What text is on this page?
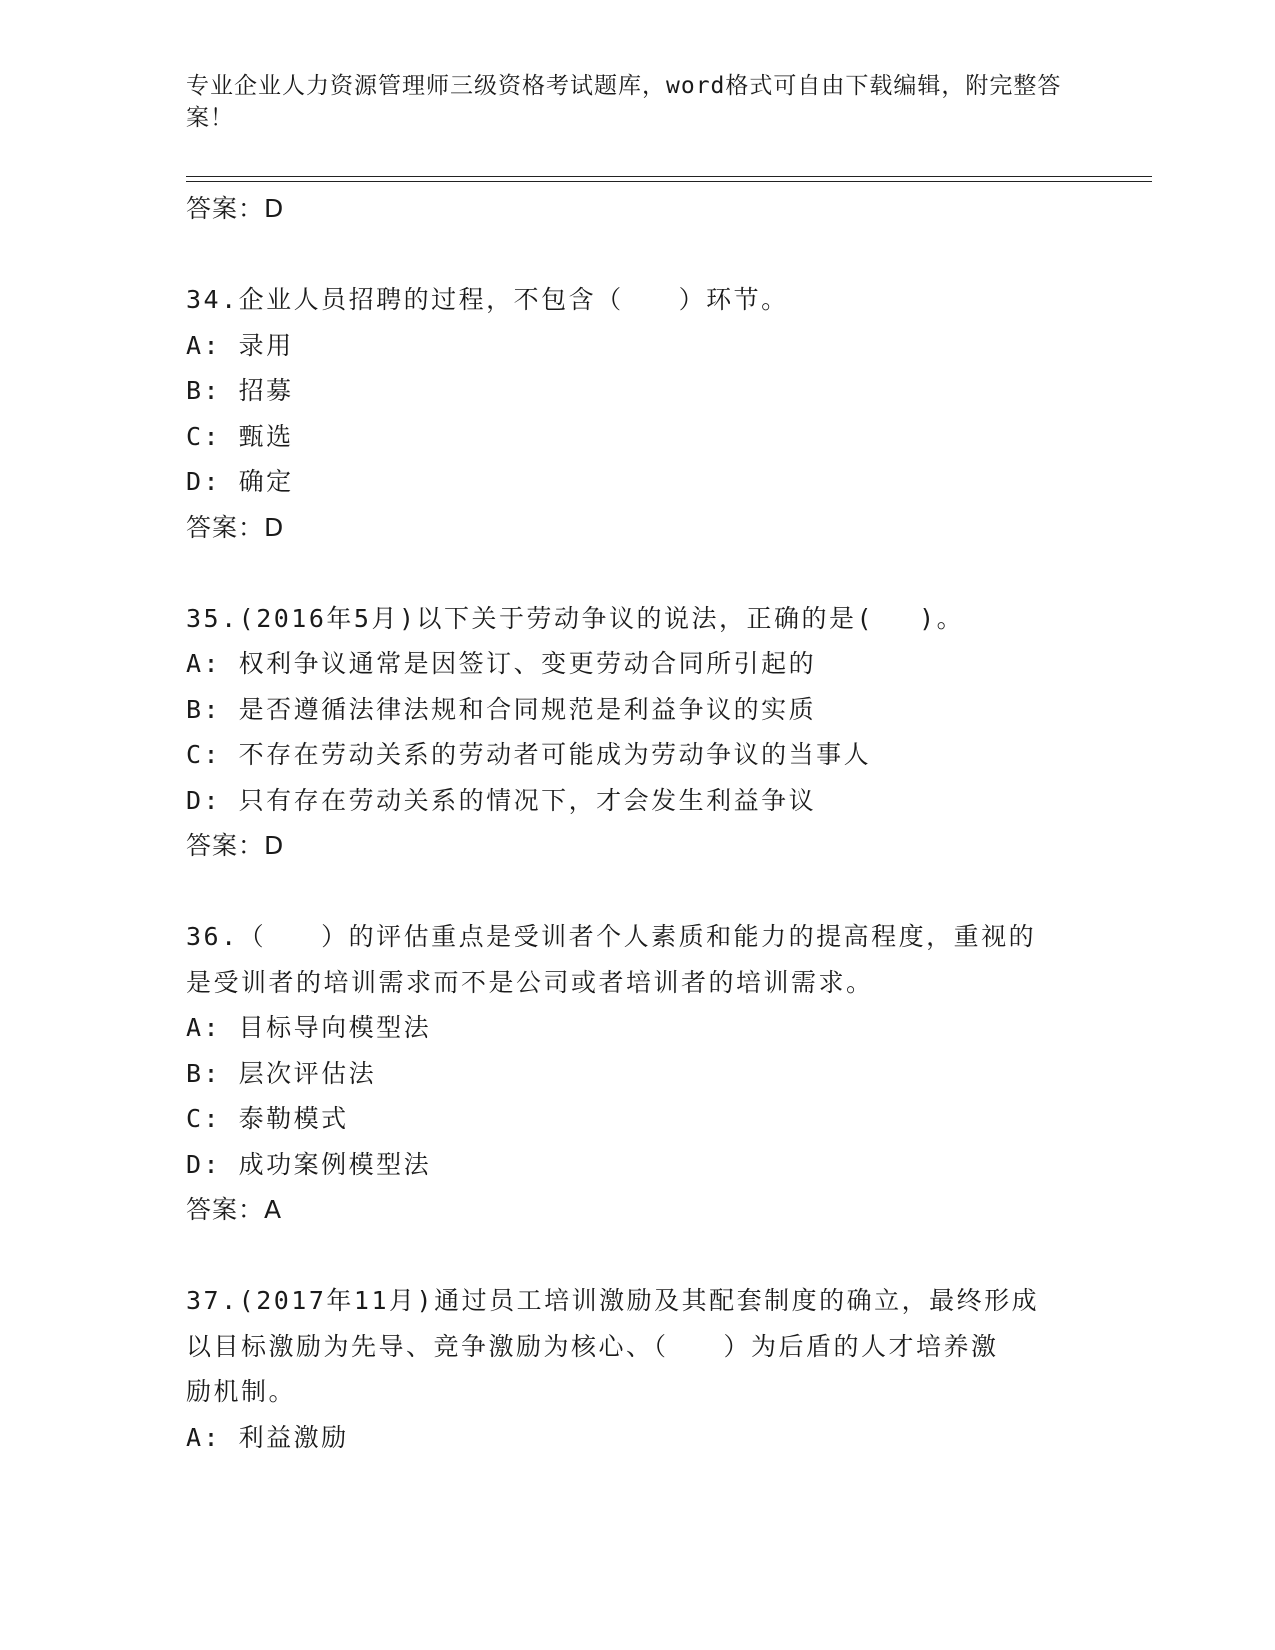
专业企业人力资源管理师三级资格考试题库，word格式可自由下载编辑，附完整答案！
答案：D
34.企业人员招聘的过程，不包含（　　）环节。
A: 录用
B: 招募
C: 甄选
D: 确定
答案：D
35.(2016年5月)以下关于劳动争议的说法，正确的是(　 )。
A: 权利争议通常是因签订、变更劳动合同所引起的
B: 是否遵循法律法规和合同规范是利益争议的实质
C: 不存在劳动关系的劳动者可能成为劳动争议的当事人
D: 只有存在劳动关系的情况下，才会发生利益争议
答案：D
36.（　　）的评估重点是受训者个人素质和能力的提高程度，重视的
是受训者的培训需求而不是公司或者培训者的培训需求。
A: 目标导向模型法
B: 层次评估法
C: 泰勒模式
D: 成功案例模型法
答案：A
37.(2017年11月)通过员工培训激励及其配套制度的确立，最终形成
以目标激励为先导、竞争激励为核心、（　　）为后盾的人才培养激
励机制。
A: 利益激励
